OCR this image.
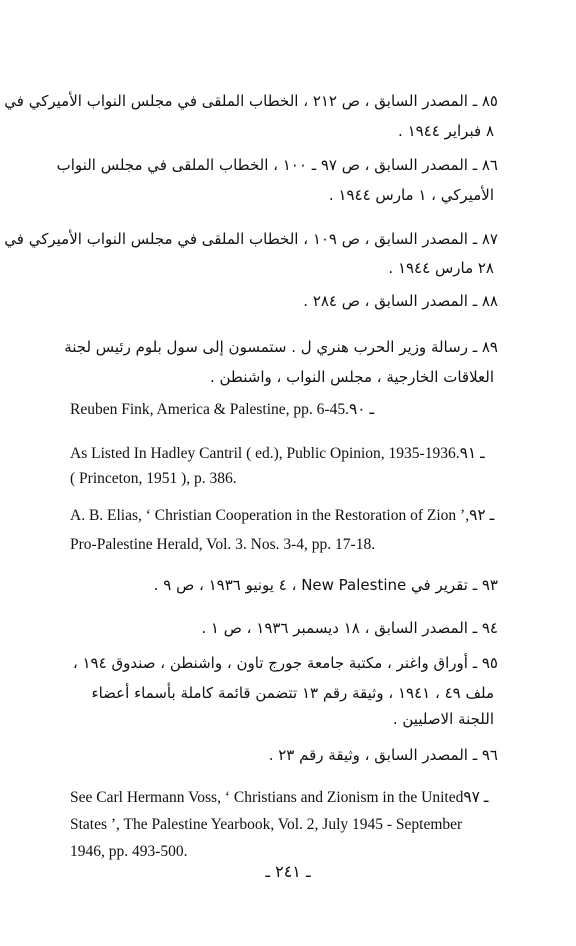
٨٥ ـ المصدر السابق ، ص ٢١٢ ، الخطاب الملقى في مجلس النواب الأميركي في
٨ فبراير ١٩٤٤ .
٨٦ ـ المصدر السابق ، ص ٩٧ ـ ١٠٠ ، الخطاب الملقى في مجلس النواب
الأميركي ، ١ مارس ١٩٤٤ .
٨٧ ـ المصدر السابق ، ص ١٠٩ ، الخطاب الملقى في مجلس النواب الأميركي في
٢٨ مارس ١٩٤٤ .
٨٨ ـ المصدر السابق ، ص ٢٨٤ .
٨٩ ـ رسالة وزير الحرب هنري ل . ستمسون إلى سول بلوم رئيس لجنة
العلاقات الخارجية ، مجلس النواب ، واشنطن .
Reuben Fink, America & Palestine, pp. 6-45.ـ ٩٠
As Listed In Hadley Cantril ( ed.), Public Opinion, 1935-1936.ـ ٩١
( Princeton, 1951 ), p. 386.
A. B. Elias, ‘ Christian Cooperation in the Restoration of Zion ’,ـ ٩٢
Pro-Palestine Herald, Vol. 3. Nos. 3-4, pp. 17-18.
٩٣ ـ تقرير في New Palestine ، ٤ يونيو ١٩٣٦ ، ص ٩ .
٩٤ ـ المصدر السابق ، ١٨ ديسمبر ١٩٣٦ ، ص ١ .
٩٥ ـ أوراق واغنر ، مكتبة جامعة جورج تاون ، واشنطن ، صندوق ١٩٤ ،
ملف ٤٩ ، ١٩٤١ ، وثيقة رقم ١٣ تتضمن قائمة كاملة بأسماء أعضاء
اللجنة الاصليين .
٩٦ ـ المصدر السابق ، وثيقة رقم ٢٣ .
See Carl Hermann Voss, ‘ Christians and Zionism in the Unitedـ ٩٧
States ’, The Palestine Yearbook, Vol. 2, July 1945 - September
1946, pp. 493-500.
ـ ٢٤١ ـ
